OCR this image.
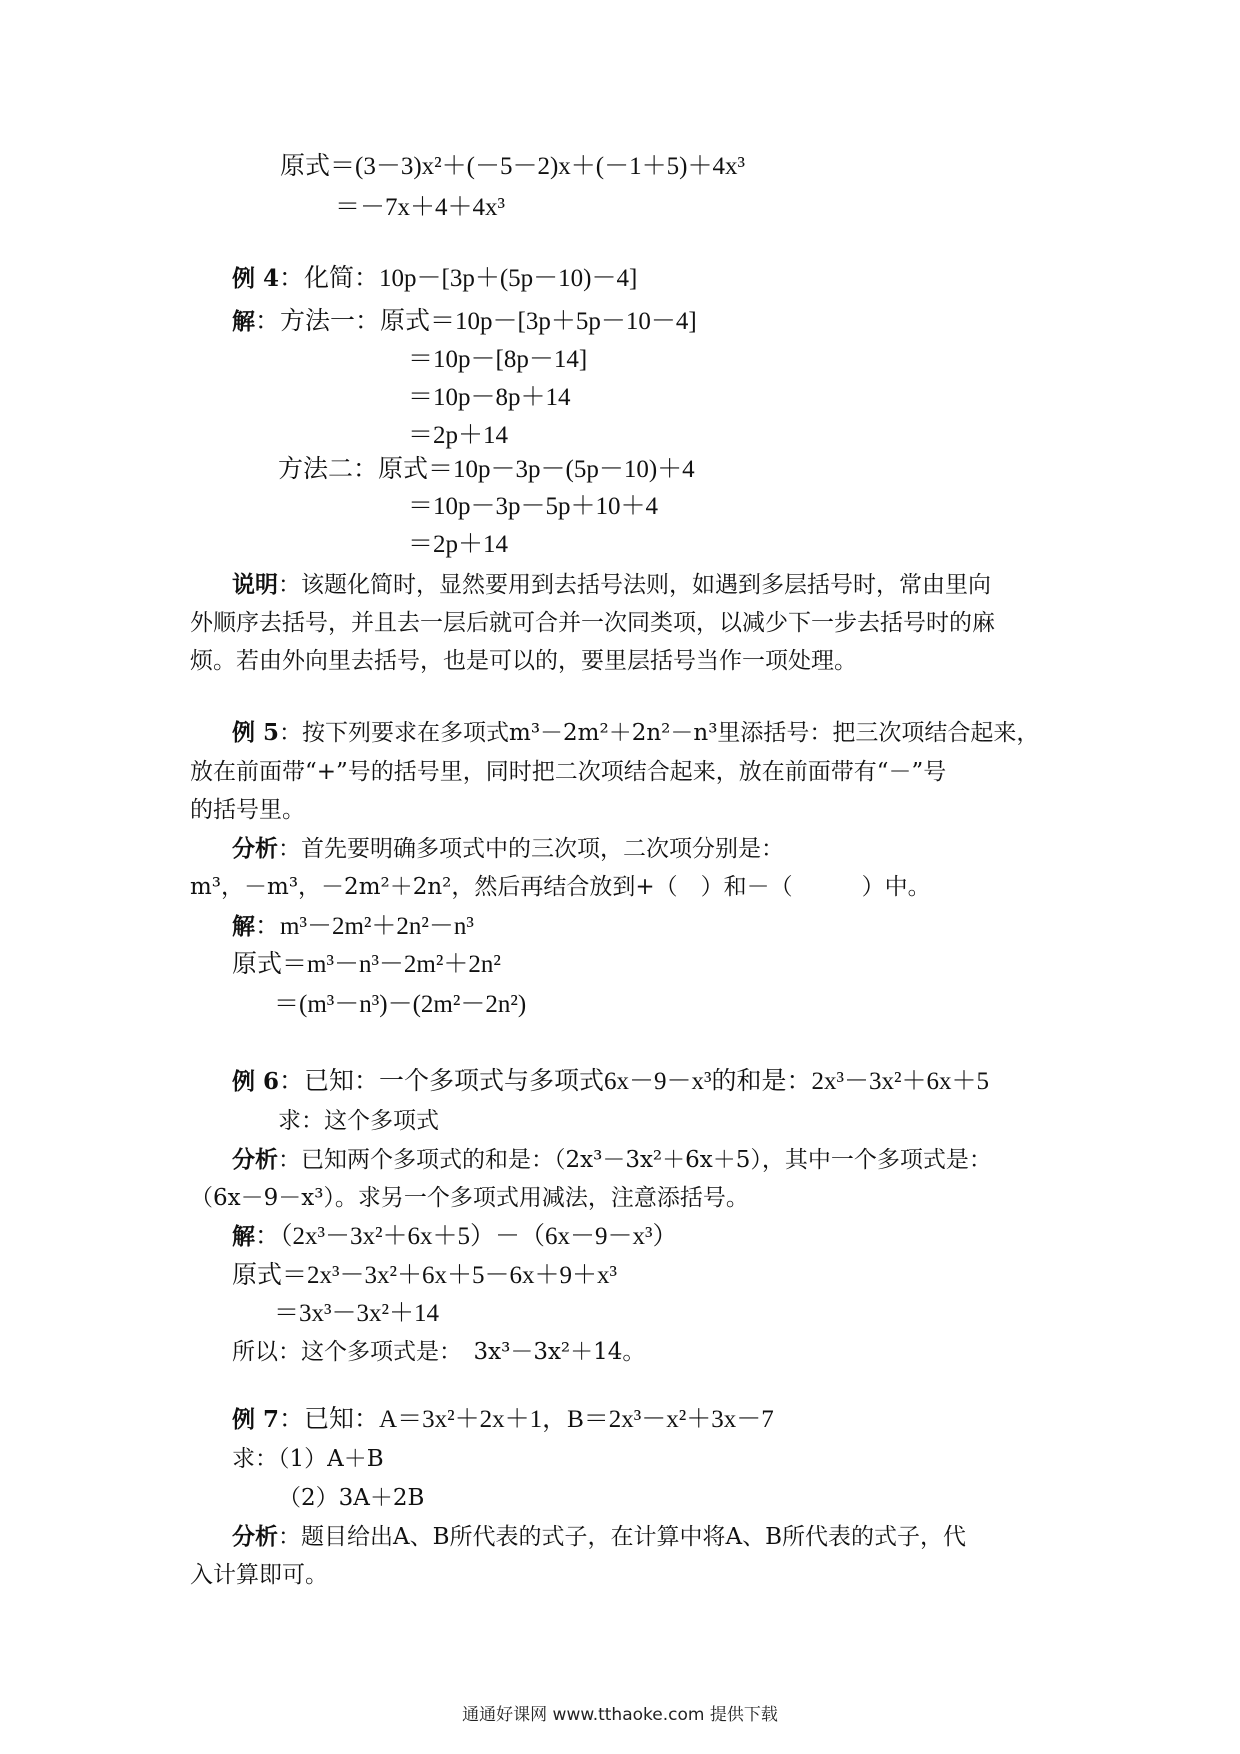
原式＝(3－3)x²＋(－5－2)x＋(－1＋5)＋4x³
＝－7x＋4＋4x³
例 4：化简：10p－[3p＋(5p－10)－4]
解：方法一：原式＝10p－[3p＋5p－10－4]
＝10p－[8p－14]
＝10p－8p＋14
＝2p＋14
方法二：原式＝10p－3p－(5p－10)＋4
＝10p－3p－5p＋10＋4
＝2p＋14
说明：该题化简时，显然要用到去括号法则，如遇到多层括号时，常由里向
外顺序去括号，并且去一层后就可合并一次同类项，以减少下一步去括号时的麻
烦。若由外向里去括号，也是可以的，要里层括号当作一项处理。
例 5：按下列要求在多项式m³－2m²＋2n²－n³里添括号：把三次项结合起来，
放在前面带“+”号的括号里，同时把二次项结合起来，放在前面带有“－”号
的括号里。
分析：首先要明确多项式中的三次项，二次项分别是：
m³，－m³，－2m²＋2n²，然后再结合放到+（　）和－（　　　）中。
解：m³－2m²＋2n²－n³
原式＝m³－n³－2m²＋2n²
＝(m³－n³)－(2m²－2n²)
例 6：已知：一个多项式与多项式6x－9－x³的和是：2x³－3x²＋6x＋5
求：这个多项式
分析：已知两个多项式的和是：（2x³－3x²＋6x＋5），其中一个多项式是：
（6x－9－x³）。求另一个多项式用减法，注意添括号。
解：（2x³－3x²＋6x＋5）－（6x－9－x³）
原式＝2x³－3x²＋6x＋5－6x＋9＋x³
＝3x³－3x²＋14
所以：这个多项式是：　3x³－3x²＋14。
例 7：已知：A＝3x²＋2x＋1，B＝2x³－x²＋3x－7
求：（1）A＋B
（2）3A＋2B
分析：题目给出A、B所代表的式子，在计算中将A、B所代表的式子，代
入计算即可。
通通好课网 www.tthaoke.com 提供下载
